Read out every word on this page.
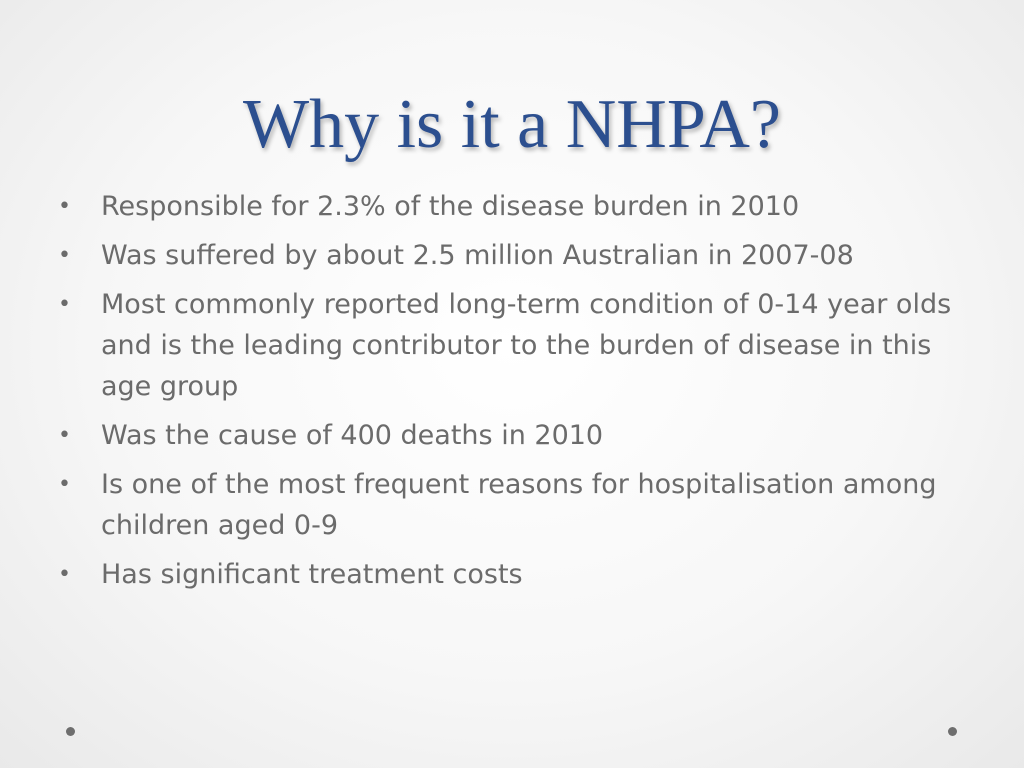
Why is it a NHPA?
• Responsible for 2.3% of the disease burden in 2010
• Was suffered by about 2.5 million Australian in 2007-08
• Most commonly reported long-term condition of 0-14 year olds and is the leading contributor to the burden of disease in this age group
• Was the cause of 400 deaths in 2010
• Is one of the most frequent reasons for hospitalisation among children aged 0-9
• Has significant treatment costs
